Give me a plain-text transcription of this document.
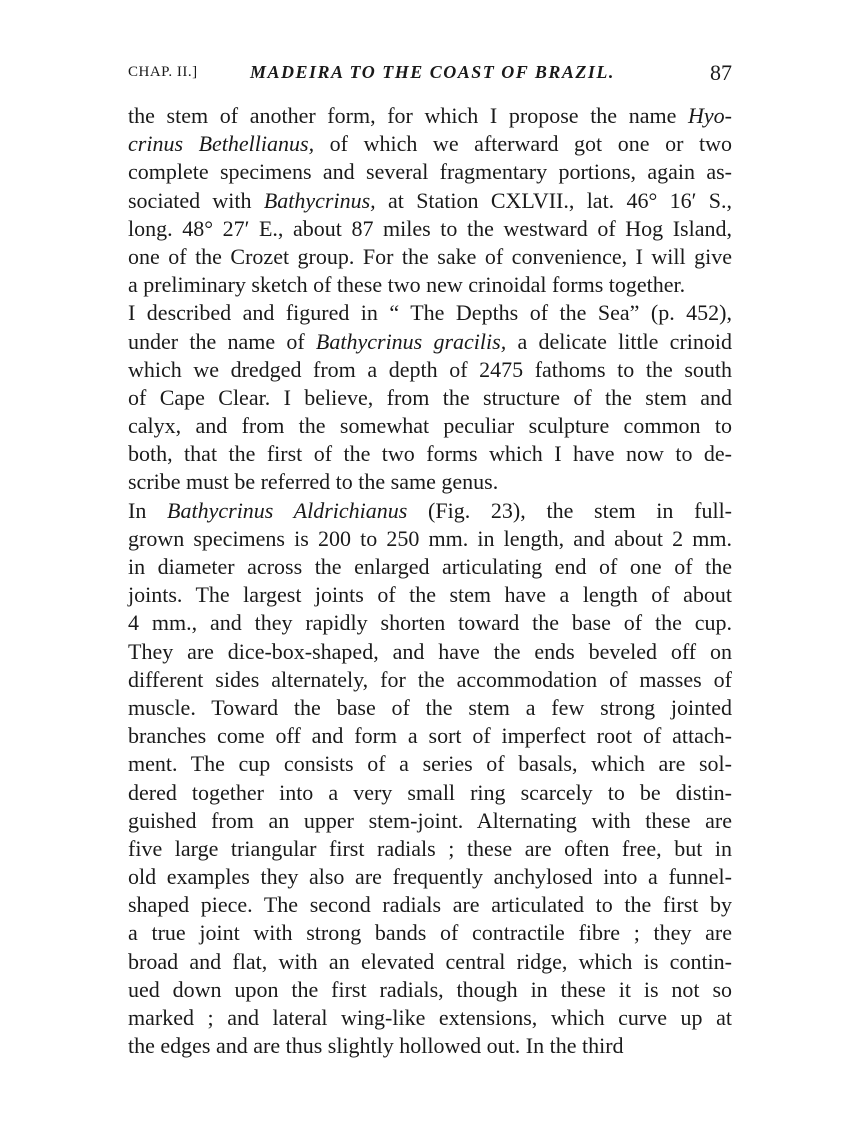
CHAP. II.]	MADEIRA TO THE COAST OF BRAZIL.	87

the stem of another form, for which I propose the name Hyo-
crinus Bethellianus, of which we afterward got one or two
complete specimens and several fragmentary portions, again as-
sociated with Bathycrinus, at Station CXLVII., lat. 46° 16′ S.,
long. 48° 27′ E., about 87 miles to the westward of Hog Island,
one of the Crozet group. For the sake of convenience, I will give
a preliminary sketch of these two new crinoidal forms together.

I described and figured in “ The Depths of the Sea” (p. 452),
under the name of Bathycrinus gracilis, a delicate little crinoid
which we dredged from a depth of 2475 fathoms to the south
of Cape Clear. I believe, from the structure of the stem and
calyx, and from the somewhat peculiar sculpture common to
both, that the first of the two forms which I have now to de-
scribe must be referred to the same genus.

In Bathycrinus Aldrichianus (Fig. 23), the stem in full-
grown specimens is 200 to 250 mm. in length, and about 2 mm.
in diameter across the enlarged articulating end of one of the
joints. The largest joints of the stem have a length of about
4 mm., and they rapidly shorten toward the base of the cup.
They are dice-box-shaped, and have the ends beveled off on
different sides alternately, for the accommodation of masses of
muscle. Toward the base of the stem a few strong jointed
branches come off and form a sort of imperfect root of attach-
ment. The cup consists of a series of basals, which are sol-
dered together into a very small ring scarcely to be distin-
guished from an upper stem-joint. Alternating with these are
five large triangular first radials ; these are often free, but in
old examples they also are frequently anchylosed into a funnel-
shaped piece. The second radials are articulated to the first by
a true joint with strong bands of contractile fibre ; they are
broad and flat, with an elevated central ridge, which is contin-
ued down upon the first radials, though in these it is not so
marked ; and lateral wing-like extensions, which curve up at
the edges and are thus slightly hollowed out. In the third
